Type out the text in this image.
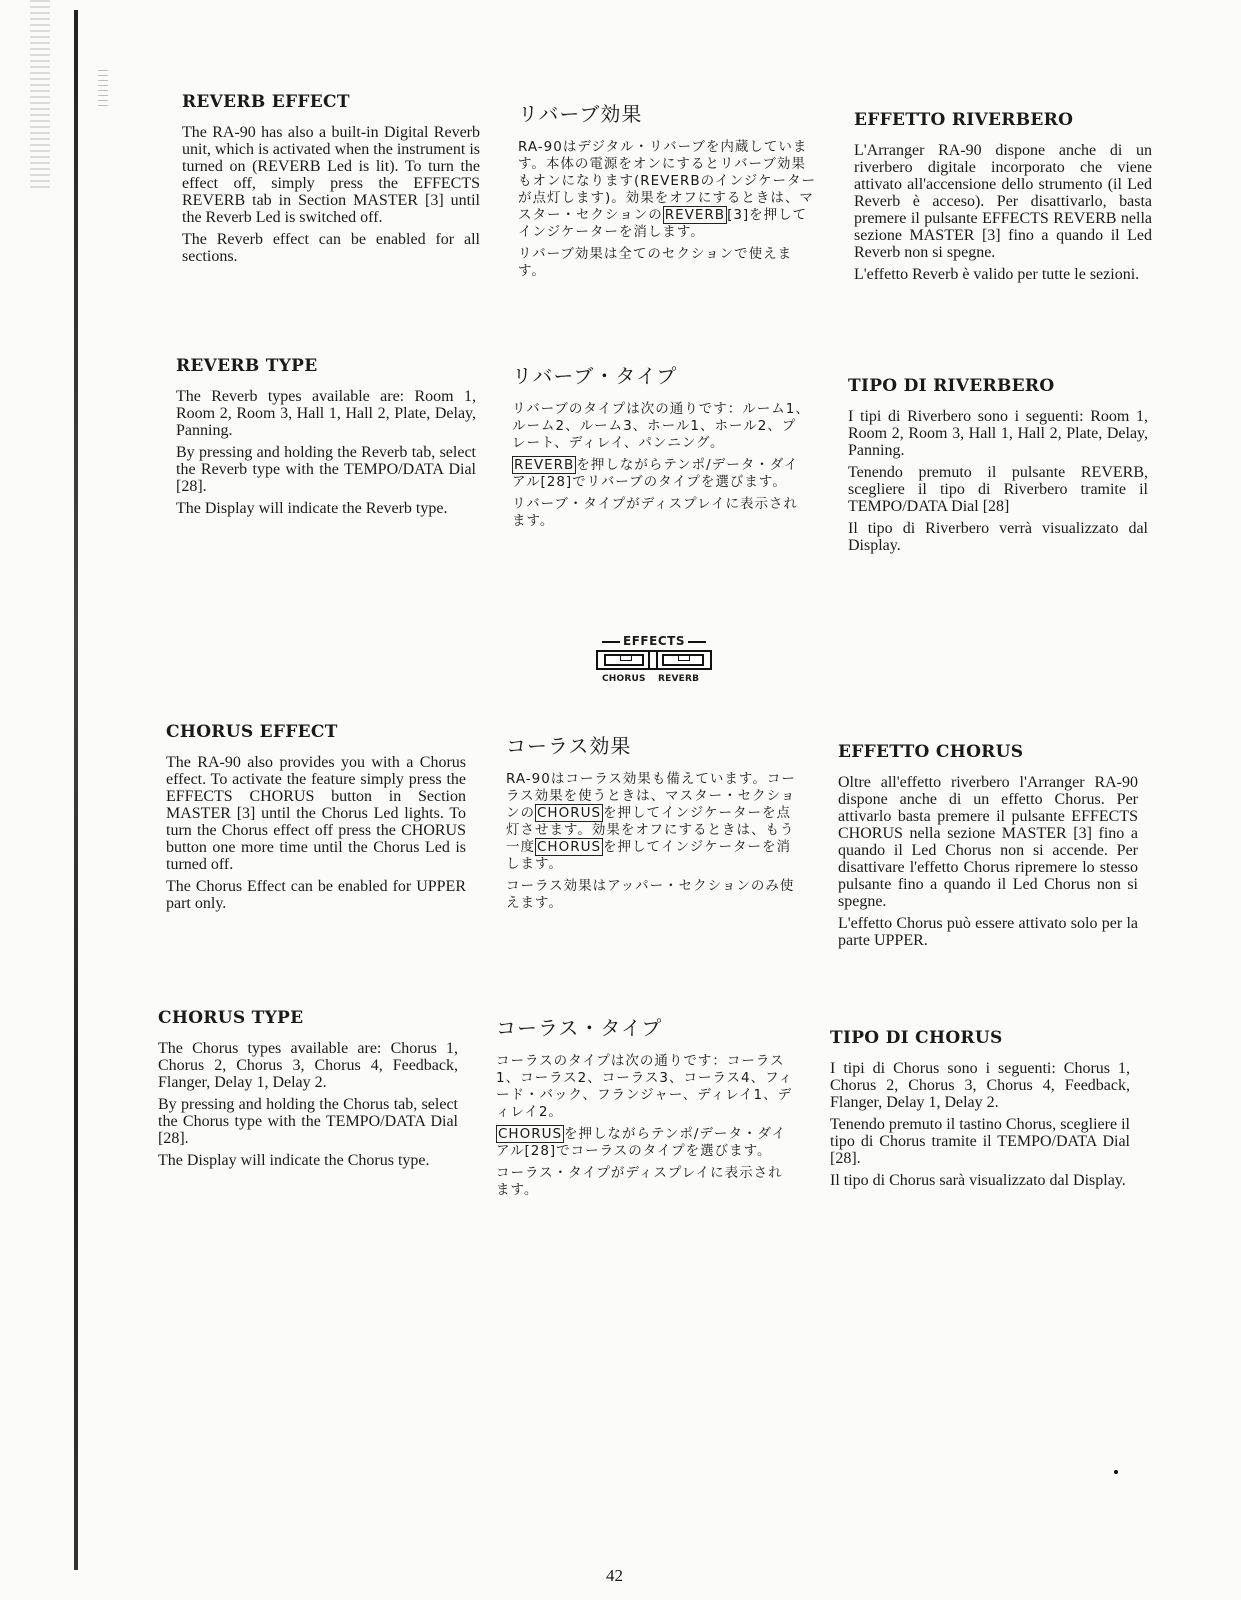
REVERB EFFECT

The RA-90 has also a built-in Digital Reverb unit, which is activated when the instrument is turned on (REVERB Led is lit). To turn the effect off, simply press the EFFECTS REVERB tab in Section MASTER [3] until the Reverb Led is switched off.

The Reverb effect can be enabled for all sections.

リバーブ効果

RA-90はデジタル・リバーブを内蔵しています。本体の電源をオンにするとリバーブ効果もオンになります(REVERBのインジケーターが点灯します)。効果をオフにするときは、マスター・セクションの REVERB [3]を押してインジケーターを消します。

リバーブ効果は全てのセクションで使えます。

EFFETTO RIVERBERO

L'Arranger RA-90 dispone anche di un riverbero digitale incorporato che viene attivato all'accensione dello strumento (il Led Reverb è acceso). Per disattivarlo, basta premere il pulsante EFFECTS REVERB nella sezione MASTER [3] fino a quando il Led Reverb non si spegne.

L'effetto Reverb è valido per tutte le sezioni.

REVERB TYPE

The Reverb types available are: Room 1, Room 2, Room 3, Hall 1, Hall 2, Plate, Delay, Panning.

By pressing and holding the Reverb tab, select the Reverb type with the TEMPO/DATA Dial [28].

The Display will indicate the Reverb type.

リバーブ・タイプ

リバーブのタイプは次の通りです：ルーム1、ルーム2、ルーム3、ホール1、ホール2、プレート、ディレイ、パンニング。

REVERB を押しながらテンポ/データ・ダイアル[28]でリバーブのタイプを選びます。

リバーブ・タイプがディスプレイに表示されます。

TIPO DI RIVERBERO

I tipi di Riverbero sono i seguenti: Room 1, Room 2, Room 3, Hall 1, Hall 2, Plate, Delay, Panning.

Tenendo premuto il pulsante REVERB, scegliere il tipo di Riverbero tramite il TEMPO/DATA Dial [28]

Il tipo di Riverbero verrà visualizzato dal Display.

EFFECTS
CHORUS REVERB
CHORUS EFFECT

The RA-90 also provides you with a Chorus effect. To activate the feature simply press the EFFECTS CHORUS button in Section MASTER [3] until the Chorus Led lights. To turn the Chorus effect off press the CHORUS button one more time until the Chorus Led is turned off.

The Chorus Effect can be enabled for UPPER part only.

コーラス効果

RA-90はコーラス効果も備えています。コーラス効果を使うときは、マスター・セクションの CHORUS を押してインジケーターを点灯させます。効果をオフにするときは、もう一度 CHORUS を押してインジケーターを消します。

コーラス効果はアッパー・セクションのみ使えます。

EFFETTO CHORUS

Oltre all'effetto riverbero l'Arranger RA-90 dispone anche di un effetto Chorus. Per attivarlo basta premere il pulsante EFFECTS CHORUS nella sezione MASTER [3] fino a quando il Led Chorus non si accende. Per disattivare l'effetto Chorus ripremere lo stesso pulsante fino a quando il Led Chorus non si spegne.

L'effetto Chorus può essere attivato solo per la parte UPPER.

CHORUS TYPE

The Chorus types available are: Chorus 1, Chorus 2, Chorus 3, Chorus 4, Feedback, Flanger, Delay 1, Delay 2.

By pressing and holding the Chorus tab, select the Chorus type with the TEMPO/DATA Dial [28].

The Display will indicate the Chorus type.

コーラス・タイプ

コーラスのタイプは次の通りです：コーラス1、コーラス2、コーラス3、コーラス4、フィード・バック、フランジャー、ディレイ1、ディレイ2。

CHORUS を押しながらテンポ/データ・ダイアル[28]でコーラスのタイプを選びます。

コーラス・タイプがディスプレイに表示されます。

TIPO DI CHORUS

I tipi di Chorus sono i seguenti: Chorus 1, Chorus 2, Chorus 3, Chorus 4, Feedback, Flanger, Delay 1, Delay 2.

Tenendo premuto il tastino Chorus, scegliere il tipo di Chorus tramite il TEMPO/DATA Dial [28].

Il tipo di Chorus sarà visualizzato dal Display.

42
